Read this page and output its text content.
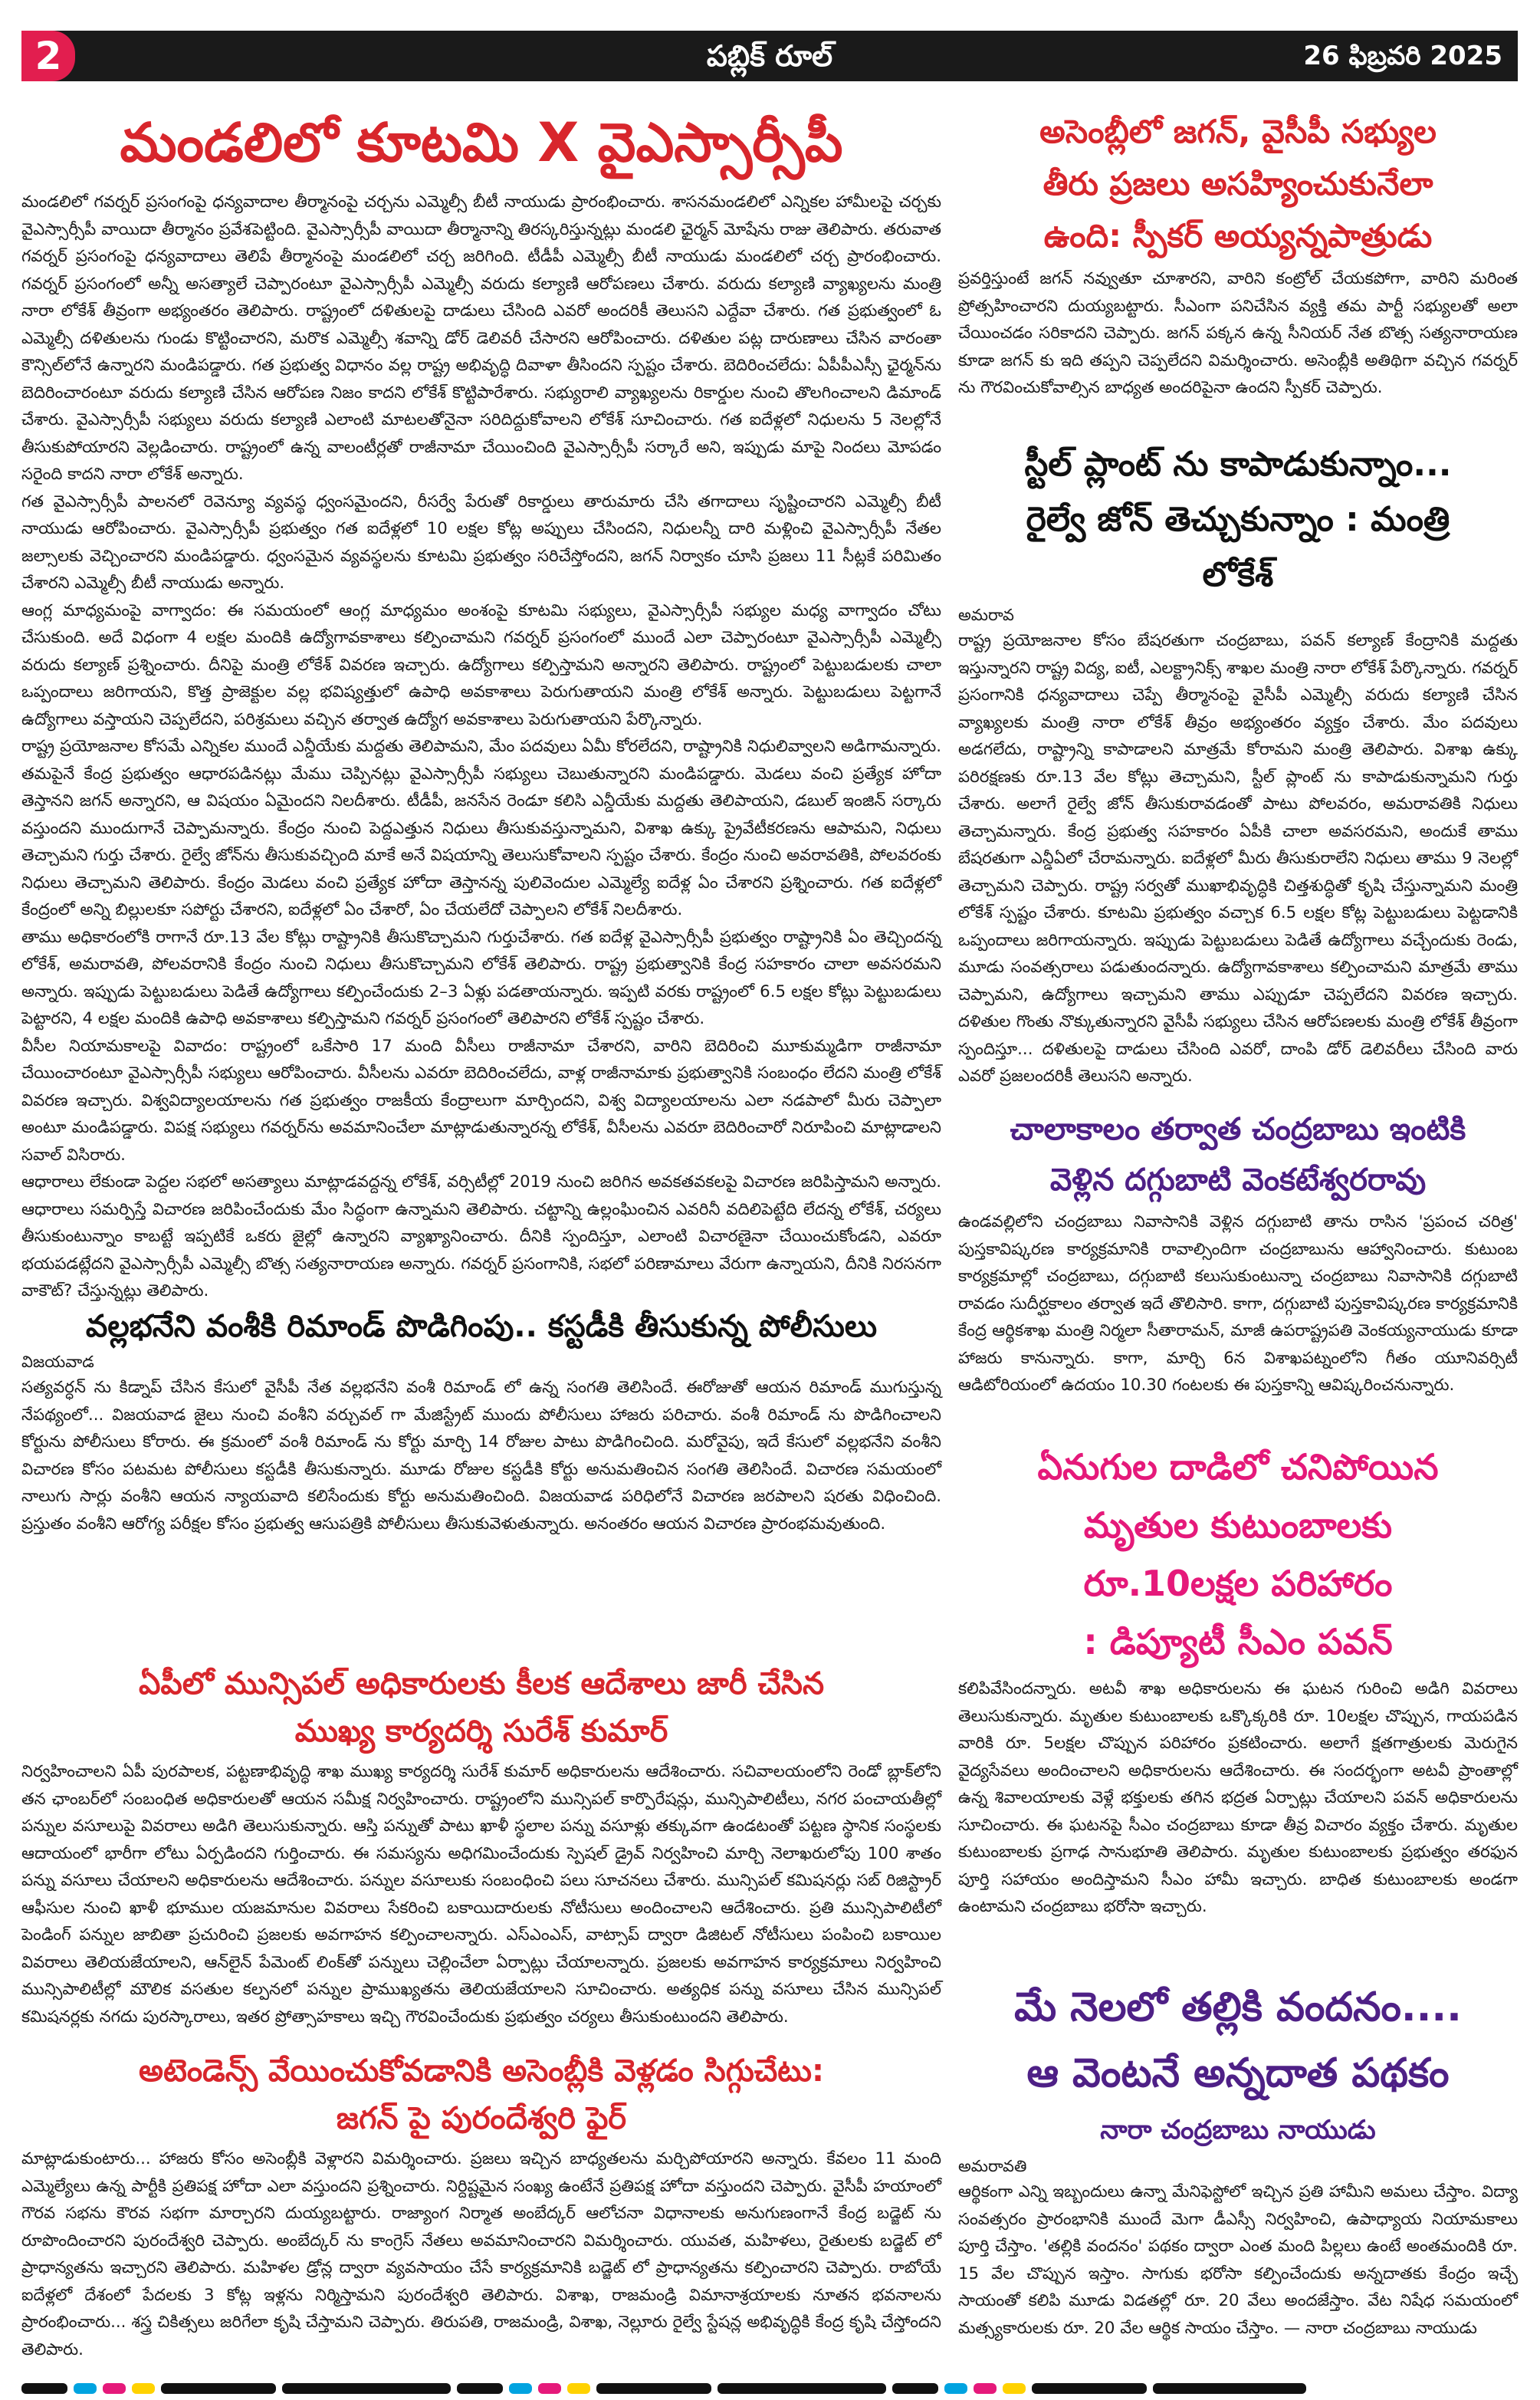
పబ్లిక్ రూల్
2	26 ఫిబ్రవరి 2025
మండలిలో కూటమి X వైఎస్సార్సీపీ

మండలిలో గవర్నర్ ప్రసంగంపై ధన్యవాదాల తీర్మానంపై చర్చను ఎమ్మెల్సీ బీటీ నాయుడు ప్రారంభించారు. శాసనమండలిలో ఎన్నికల హామీలపై చర్చకు వైఎస్సార్సీపీ వాయిదా తీర్మానం ప్రవేశపెట్టింది. వైఎస్సార్సీపీ వాయిదా తీర్మానాన్ని తిరస్కరిస్తున్నట్లు మండలి ఛైర్మన్ మోషేను రాజు తెలిపారు. తరువాత గవర్నర్ ప్రసంగంపై ధన్యవాదాలు తెలిపే తీర్మానంపై మండలిలో చర్చ జరిగింది. టీడీపీ ఎమ్మెల్సీ బీటీ నాయుడు మండలిలో చర్చ ప్రారంభించారు. గవర్నర్ ప్రసంగంలో అన్నీ అసత్యాలే చెప్పారంటూ వైఎస్సార్సీపీ ఎమ్మెల్సీ వరుదు కల్యాణి ఆరోపణలు చేశారు. వరుదు కల్యాణి వ్యాఖ్యలను మంత్రి నారా లోకేశ్ తీవ్రంగా అభ్యంతరం తెలిపారు. రాష్ట్రంలో దళితులపై దాడులు చేసింది ఎవరో అందరికీ తెలుసని ఎద్దేవా చేశారు. గత ప్రభుత్వంలో ఓ ఎమ్మెల్సీ దళితులను గుండు కొట్టించారని, మరొక ఎమ్మెల్సీ శవాన్ని డోర్ డెలివరీ చేసారని ఆరోపించారు. దళితుల పట్ల దారుణాలు చేసిన వారంతా కౌన్సిల్‌లోనే ఉన్నారని మండిపడ్డారు. గత ప్రభుత్వ విధానం వల్ల రాష్ట్ర అభివృద్ధి దివాళా తీసిందని స్పష్టం చేశారు. బెదిరించలేదు: ఏపీపీఎస్సీ ఛైర్మన్‌ను బెదిరించారంటూ వరుదు కల్యాణి చేసిన ఆరోపణ నిజం కాదని లోకేశ్ కొట్టిపారేశారు. సభ్యురాలి వ్యాఖ్యలను రికార్డుల నుంచి తొలగించాలని డిమాండ్ చేశారు. వైఎస్సార్సీపీ సభ్యులు వరుదు కల్యాణి ఎలాంటి మాటలతోనైనా సరిదిద్దుకోవాలని లోకేశ్ సూచించారు. గత ఐదేళ్లలో నిధులను 5 నెలల్లోనే తీసుకుపోయారని వెల్లడించారు. రాష్ట్రంలో ఉన్న వాలంటీర్లతో రాజీనామా చేయించింది వైఎస్సార్సీపీ సర్కారే అని, ఇప్పుడు మాపై నిందలు మోపడం సరైంది కాదని నారా లోకేశ్ అన్నారు.

గత వైఎస్సార్సీపీ పాలనలో రెవెన్యూ వ్యవస్థ ధ్వంసమైందని, రీసర్వే పేరుతో రికార్డులు తారుమారు చేసి తగాదాలు సృష్టించారని ఎమ్మెల్సీ బీటీ నాయుడు ఆరోపించారు. వైఎస్సార్సీపీ ప్రభుత్వం గత ఐదేళ్లలో 10 లక్షల కోట్ల అప్పులు చేసిందని, నిధులన్నీ దారి మళ్లించి వైఎస్సార్సీపీ నేతల జల్సాలకు వెచ్చించారని మండిపడ్డారు. ధ్వంసమైన వ్యవస్థలను కూటమి ప్రభుత్వం సరిచేస్తోందని, జగన్ నిర్వాకం చూసి ప్రజలు 11 సీట్లకే పరిమితం చేశారని ఎమ్మెల్సీ బీటీ నాయుడు అన్నారు.

ఆంగ్ల మాధ్యమంపై వాగ్వాదం: ఈ సమయంలో ఆంగ్ల మాధ్యమం అంశంపై కూటమి సభ్యులు, వైఎస్సార్సీపీ సభ్యుల మధ్య వాగ్వాదం చోటు చేసుకుంది. అదే విధంగా 4 లక్షల మందికి ఉద్యోగావకాశాలు కల్పించామని గవర్నర్ ప్రసంగంలో ముందే ఎలా చెప్పారంటూ వైఎస్సార్సీపీ ఎమ్మెల్సీ వరుదు కల్యాణ్ ప్రశ్నించారు. దీనిపై మంత్రి లోకేశ్ వివరణ ఇచ్చారు. ఉద్యోగాలు కల్పిస్తామని అన్నారని తెలిపారు. రాష్ట్రంలో పెట్టుబడులకు చాలా ఒప్పందాలు జరిగాయని, కొత్త ప్రాజెక్టుల వల్ల భవిష్యత్తులో ఉపాధి అవకాశాలు పెరుగుతాయని మంత్రి లోకేశ్ అన్నారు. పెట్టుబడులు పెట్టగానే ఉద్యోగాలు వస్తాయని చెప్పలేదని, పరిశ్రమలు వచ్చిన తర్వాత ఉద్యోగ అవకాశాలు పెరుగుతాయని పేర్కొన్నారు.

రాష్ట్ర ప్రయోజనాల కోసమే ఎన్నికల ముందే ఎన్డీయేకు మద్దతు తెలిపామని, మేం పదవులు ఏమీ కోరలేదని, రాష్ట్రానికి నిధులివ్వాలని అడిగామన్నారు. తమపైనే కేంద్ర ప్రభుత్వం ఆధారపడినట్లు మేము చెప్పినట్లు వైఎస్సార్సీపీ సభ్యులు చెబుతున్నారని మండిపడ్డారు. మెడలు వంచి ప్రత్యేక హోదా తెస్తానని జగన్ అన్నారని, ఆ విషయం ఏమైందని నిలదీశారు. టీడీపీ, జనసేన రెండూ కలిసి ఎన్డీయేకు మద్దతు తెలిపాయని, డబుల్ ఇంజిన్ సర్కారు వస్తుందని ముందుగానే చెప్పామన్నారు. కేంద్రం నుంచి పెద్దఎత్తున నిధులు తీసుకువస్తున్నామని, విశాఖ ఉక్కు ప్రైవేటీకరణను ఆపామని, నిధులు తెచ్చామని గుర్తు చేశారు. రైల్వే జోన్‌ను తీసుకువచ్చింది మాకే అనే విషయాన్ని తెలుసుకోవాలని స్పష్టం చేశారు. కేంద్రం నుంచి అవరావతికి, పోలవరంకు నిధులు తెచ్చామని తెలిపారు. కేంద్రం మెడలు వంచి ప్రత్యేక హోదా తెస్తానన్న పులివెందుల ఎమ్మెల్యే ఐదేళ్ల ఏం చేశారని ప్రశ్నించారు. గత ఐదేళ్లలో కేంద్రంలో అన్ని బిల్లులకూ సపోర్టు చేశారని, ఐదేళ్లలో ఏం చేశారో, ఏం చేయలేదో చెప్పాలని లోకేశ్ నిలదీశారు.

తాము అధికారంలోకి రాగానే రూ.13 వేల కోట్లు రాష్ట్రానికి తీసుకొచ్చామని గుర్తుచేశారు. గత ఐదేళ్ల వైఎస్సార్సీపీ ప్రభుత్వం రాష్ట్రానికి ఏం తెచ్చిందన్న లోకేశ్, అమరావతి, పోలవరానికి కేంద్రం నుంచి నిధులు తీసుకొచ్చామని లోకేశ్ తెలిపారు. రాష్ట్ర ప్రభుత్వానికి కేంద్ర సహకారం చాలా అవసరమని అన్నారు. ఇప్పుడు పెట్టుబడులు పెడితే ఉద్యోగాలు కల్పించేందుకు 2–3 ఏళ్లు పడతాయన్నారు. ఇప్పటి వరకు రాష్ట్రంలో 6.5 లక్షల కోట్లు పెట్టుబడులు పెట్టారని, 4 లక్షల మందికి ఉపాధి అవకాశాలు కల్పిస్తామని గవర్నర్ ప్రసంగంలో తెలిపారని లోకేశ్ స్పష్టం చేశారు.

వీసీల నియామకాలపై వివాదం: రాష్ట్రంలో ఒకేసారి 17 మంది వీసీలు రాజీనామా చేశారని, వారిని బెదిరించి మూకుమ్మడిగా రాజీనామా చేయించారంటూ వైఎస్సార్సీపీ సభ్యులు ఆరోపించారు. వీసీలను ఎవరూ బెదిరించలేదు, వాళ్ల రాజీనామాకు ప్రభుత్వానికి సంబంధం లేదని మంత్రి లోకేశ్ వివరణ ఇచ్చారు. విశ్వవిద్యాలయాలను గత ప్రభుత్వం రాజకీయ కేంద్రాలుగా మార్చిందని, విశ్వ విద్యాలయాలను ఎలా నడపాలో మీరు చెప్పాలా అంటూ మండిపడ్డారు. విపక్ష సభ్యులు గవర్నర్‌ను అవమానించేలా మాట్లాడుతున్నారన్న లోకేశ్, వీసీలను ఎవరూ బెదిరించారో నిరూపించి మాట్లాడాలని సవాల్ విసిరారు.

ఆధారాలు లేకుండా పెద్దల సభలో అసత్యాలు మాట్లాడవద్దన్న లోకేశ్, వర్సిటీల్లో 2019 నుంచి జరిగిన అవకతవకలపై విచారణ జరిపిస్తామని అన్నారు. ఆధారాలు సమర్పిస్తే విచారణ జరిపించేందుకు మేం సిద్ధంగా ఉన్నామని తెలిపారు. చట్టాన్ని ఉల్లంఘించిన ఎవరినీ వదిలిపెట్టేది లేదన్న లోకేశ్, చర్యలు తీసుకుంటున్నాం కాబట్టే ఇప్పటికే ఒకరు జైల్లో ఉన్నారని వ్యాఖ్యానించారు. దీనికి స్పందిస్తూ, ఎలాంటి విచారణైనా చేయించుకోండని, ఎవరూ భయపడట్లేదని వైఎస్సార్సీపీ ఎమ్మెల్సీ బొత్స సత్యనారాయణ అన్నారు. గవర్నర్ ప్రసంగానికి, సభలో పరిణామాలు వేరుగా ఉన్నాయని, దీనికి నిరసనగా వాకౌట్? చేస్తున్నట్లు తెలిపారు.

వల్లభనేని వంశీకి రిమాండ్ పొడిగింపు.. కస్టడీకి తీసుకున్న పోలీసులు

విజయవాడ

సత్యవర్ధన్ ను కిడ్నాప్ చేసిన కేసులో వైసీపీ నేత వల్లభనేని వంశీ రిమాండ్ లో ఉన్న సంగతి తెలిసిందే. ఈరోజుతో ఆయన రిమాండ్ ముగుస్తున్న నేపథ్యంలో... విజయవాడ జైలు నుంచి వంశీని వర్చువల్ గా మేజిస్ట్రేట్ ముందు పోలీసులు హాజరు పరిచారు. వంశీ రిమాండ్ ను పొడిగించాలని కోర్టును పోలీసులు కోరారు. ఈ క్రమంలో వంశీ రిమాండ్ ను కోర్టు మార్చి 14 రోజుల పాటు పొడిగించింది. మరోవైపు, ఇదే కేసులో వల్లభనేని వంశీని విచారణ కోసం పటమట పోలీసులు కస్టడీకి తీసుకున్నారు. మూడు రోజుల కస్టడీకి కోర్టు అనుమతించిన సంగతి తెలిసిందే. విచారణ సమయంలో నాలుగు సార్లు వంశీని ఆయన న్యాయవాది కలిసేందుకు కోర్టు అనుమతించింది. విజయవాడ పరిధిలోనే విచారణ జరపాలని షరతు విధించింది. ప్రస్తుతం వంశీని ఆరోగ్య పరీక్షల కోసం ప్రభుత్వ ఆసుపత్రికి పోలీసులు తీసుకువెళుతున్నారు. అనంతరం ఆయన విచారణ ప్రారంభమవుతుంది.

ఏపీలో మున్సిపల్ అధికారులకు కీలక ఆదేశాలు జారీ చేసిన
ముఖ్య కార్యదర్శి సురేశ్ కుమార్

నిర్వహించాలని ఏపీ పురపాలక, పట్టణాభివృద్ధి శాఖ ముఖ్య కార్యదర్శి సురేశ్ కుమార్ అధికారులను ఆదేశించారు. సచివాలయంలోని రెండో బ్లాక్‌లోని తన ఛాంబర్‌లో సంబంధిత అధికారులతో ఆయన సమీక్ష నిర్వహించారు. రాష్ట్రంలోని మున్సిపల్ కార్పొరేషన్లు, మున్సిపాలిటీలు, నగర పంచాయతీల్లో పన్నుల వసూలుపై వివరాలు అడిగి తెలుసుకున్నారు. ఆస్తి పన్నుతో పాటు ఖాళీ స్థలాల పన్ను వసూళ్లు తక్కువగా ఉండటంతో పట్టణ స్థానిక సంస్థలకు ఆదాయంలో భారీగా లోటు ఏర్పడిందని గుర్తించారు. ఈ సమస్యను అధిగమించేందుకు స్పెషల్ డ్రైవ్ నిర్వహించి మార్చి నెలాఖరులోపు 100 శాతం పన్ను వసూలు చేయాలని అధికారులను ఆదేశించారు. పన్నుల వసూలుకు సంబంధించి పలు సూచనలు చేశారు. మున్సిపల్ కమిషనర్లు సబ్ రిజిస్ట్రార్ ఆఫీసుల నుంచి ఖాళీ భూముల యజమానుల వివరాలు సేకరించి బకాయిదారులకు నోటీసులు అందించాలని ఆదేశించారు. ప్రతి మున్సిపాలిటీలో పెండింగ్ పన్నుల జాబితా ప్రచురించి ప్రజలకు అవగాహన కల్పించాలన్నారు. ఎస్ఎంఎస్, వాట్సాప్ ద్వారా డిజిటల్ నోటీసులు పంపించి బకాయిల వివరాలు తెలియజేయాలని, ఆన్‌లైన్ పేమెంట్ లింక్‌తో పన్నులు చెల్లించేలా ఏర్పాట్లు చేయాలన్నారు. ప్రజలకు అవగాహన కార్యక్రమాలు నిర్వహించి మున్సిపాలిటీల్లో మౌలిక వసతుల కల్పనలో పన్నుల ప్రాముఖ్యతను తెలియజేయాలని సూచించారు. అత్యధిక పన్ను వసూలు చేసిన మున్సిపల్ కమిషనర్లకు నగదు పురస్కారాలు, ఇతర ప్రోత్సాహకాలు ఇచ్చి గౌరవించేందుకు ప్రభుత్వం చర్యలు తీసుకుంటుందని తెలిపారు.

అటెండెన్స్ వేయించుకోవడానికి అసెంబ్లీకి వెళ్లడం సిగ్గుచేటు:
జగన్ పై పురందేశ్వరి ఫైర్

మాట్లాడుకుంటారు... హాజరు కోసం అసెంబ్లీకి వెళ్లారని విమర్శించారు. ప్రజలు ఇచ్చిన బాధ్యతలను మర్చిపోయారని అన్నారు. కేవలం 11 మంది ఎమ్మెల్యేలు ఉన్న పార్టీకి ప్రతిపక్ష హోదా ఎలా వస్తుందని ప్రశ్నించారు. నిర్దిష్టమైన సంఖ్య ఉంటేనే ప్రతిపక్ష హోదా వస్తుందని చెప్పారు. వైసీపీ హయాంలో గౌరవ సభను కౌరవ సభగా మార్చారని దుయ్యబట్టారు. రాజ్యాంగ నిర్మాత అంబేద్కర్ ఆలోచనా విధానాలకు అనుగుణంగానే కేంద్ర బడ్జెట్ ను రూపొందించారని పురందేశ్వరి చెప్పారు. అంబేద్కర్ ను కాంగ్రెస్ నేతలు అవమానించారని విమర్శించారు. యువత, మహిళలు, రైతులకు బడ్జెట్ లో ప్రాధాన్యతను ఇచ్చారని తెలిపారు. మహిళల డ్రోన్ల ద్వారా వ్యవసాయం చేసే కార్యక్రమానికి బడ్జెట్ లో ప్రాధాన్యతను కల్పించారని చెప్పారు. రాబోయే ఐదేళ్లలో దేశంలో పేదలకు 3 కోట్ల ఇళ్లను నిర్మిస్తామని పురందేశ్వరి తెలిపారు. విశాఖ, రాజమండ్రి విమానాశ్రయాలకు నూతన భవనాలను ప్రారంభించారు... శస్త్ర చికిత్సలు జరిగేలా కృషి చేస్తామని చెప్పారు. తిరుపతి, రాజమండ్రి, విశాఖ, నెల్లూరు రైల్వే స్టేషన్ల అభివృద్ధికి కేంద్ర కృషి చేస్తోందని తెలిపారు.

అసెంబ్లీలో జగన్, వైసీపీ సభ్యుల
తీరు ప్రజలు అసహ్యించుకునేలా
ఉంది: స్పీకర్ అయ్యన్నపాత్రుడు

ప్రవర్తిస్తుంటే జగన్ నవ్వుతూ చూశారని, వారిని కంట్రోల్ చేయకపోగా, వారిని మరింత ప్రోత్సహించారని దుయ్యబట్టారు. సీఎంగా పనిచేసిన వ్యక్తి తమ పార్టీ సభ్యులతో అలా చేయించడం సరికాదని చెప్పారు. జగన్ పక్కన ఉన్న సీనియర్ నేత బొత్స సత్యనారాయణ కూడా జగన్ కు ఇది తప్పని చెప్పలేదని విమర్శించారు. అసెంబ్లీకి అతిథిగా వచ్చిన గవర్నర్ ను గౌరవించుకోవాల్సిన బాధ్యత అందరిపైనా ఉందని స్పీకర్ చెప్పారు.

స్టీల్ ప్లాంట్ ను కాపాడుకున్నాం...
రైల్వే జోన్ తెచ్చుకున్నాం : మంత్రి
లోకేశ్

అమరావ

రాష్ట్ర ప్రయోజనాల కోసం బేషరతుగా చంద్రబాబు, పవన్ కల్యాణ్ కేంద్రానికి మద్దతు ఇస్తున్నారని రాష్ట్ర విద్య, ఐటీ, ఎలక్ట్రానిక్స్ శాఖల మంత్రి నారా లోకేశ్ పేర్కొన్నారు. గవర్నర్ ప్రసంగానికి ధన్యవాదాలు చెప్పే తీర్మానంపై వైసీపీ ఎమ్మెల్సీ వరుదు కల్యాణి చేసిన వ్యాఖ్యలకు మంత్రి నారా లోకేశ్ తీవ్రం అభ్యంతరం వ్యక్తం చేశారు. మేం పదవులు అడగలేదు, రాష్ట్రాన్ని కాపాడాలని మాత్రమే కోరామని మంత్రి తెలిపారు. విశాఖ ఉక్కు పరిరక్షణకు రూ.13 వేల కోట్లు తెచ్చామని, స్టీల్ ప్లాంట్ ను కాపాడుకున్నామని గుర్తు చేశారు. అలాగే రైల్వే జోన్ తీసుకురావడంతో పాటు పోలవరం, అమరావతికి నిధులు తెచ్చామన్నారు. కేంద్ర ప్రభుత్వ సహకారం ఏపీకి చాలా అవసరమని, అందుకే తాము బేషరతుగా ఎన్డీఏలో చేరామన్నారు. ఐదేళ్లలో మీరు తీసుకురాలేని నిధులు తాము 9 నెలల్లో తెచ్చామని చెప్పారు. రాష్ట్ర సర్వతో ముఖాభివృద్ధికి చిత్తశుద్ధితో కృషి చేస్తున్నామని మంత్రి లోకేశ్ స్పష్టం చేశారు. కూటమి ప్రభుత్వం వచ్చాక 6.5 లక్షల కోట్ల పెట్టుబడులు పెట్టడానికి ఒప్పందాలు జరిగాయన్నారు. ఇప్పుడు పెట్టుబడులు పెడితే ఉద్యోగాలు వచ్చేందుకు రెండు, మూడు సంవత్సరాలు పడుతుందన్నారు. ఉద్యోగావకాశాలు కల్పించామని మాత్రమే తాము చెప్పామని, ఉద్యోగాలు ఇచ్చామని తాము ఎప్పుడూ చెప్పలేదని వివరణ ఇచ్చారు. దళితుల గొంతు నొక్కుతున్నారని వైసీపీ సభ్యులు చేసిన ఆరోపణలకు మంత్రి లోకేశ్ తీవ్రంగా స్పందిస్తూ... దళితులపై దాడులు చేసింది ఎవరో, దాంపి డోర్ డెలివరీలు చేసింది వారు ఎవరో ప్రజలందరికీ తెలుసని అన్నారు.

చాలాకాలం తర్వాత చంద్రబాబు ఇంటికి
వెళ్లిన దగ్గుబాటి వెంకటేశ్వరరావు

ఉండవల్లిలోని చంద్రబాబు నివాసానికి వెళ్లిన దగ్గుబాటి తాను రాసిన 'ప్రపంచ చరిత్ర' పుస్తకావిష్కరణ కార్యక్రమానికి రావాల్సిందిగా చంద్రబాబును ఆహ్వానించారు. కుటుంబ కార్యక్రమాల్లో చంద్రబాబు, దగ్గుబాటి కలుసుకుంటున్నా చంద్రబాబు నివాసానికి దగ్గుబాటి రావడం సుదీర్ఘకాలం తర్వాత ఇదే తొలిసారి. కాగా, దగ్గుబాటి పుస్తకావిష్కరణ కార్యక్రమానికి కేంద్ర ఆర్థికశాఖ మంత్రి నిర్మలా సీతారామన్, మాజీ ఉపరాష్ట్రపతి వెంకయ్యనాయుడు కూడా హాజరు కానున్నారు. కాగా, మార్చి 6న విశాఖపట్నంలోని గీతం యూనివర్సిటీ ఆడిటోరియంలో ఉదయం 10.30 గంటలకు ఈ పుస్తకాన్ని ఆవిష్కరించనున్నారు.

ఏనుగుల దాడిలో చనిపోయిన
మృతుల కుటుంబాలకు
రూ.10లక్షల పరిహారం
: డిప్యూటీ సీఎం పవన్

కలిపివేసిందన్నారు. అటవీ శాఖ అధికారులను ఈ ఘటన గురించి అడిగి వివరాలు తెలుసుకున్నారు. మృతుల కుటుంబాలకు ఒక్కొక్కరికి రూ. 10లక్షల చొప్పున, గాయపడిన వారికి రూ. 5లక్షల చొప్పున పరిహారం ప్రకటించారు. అలాగే క్షతగాత్రులకు మెరుగైన వైద్యసేవలు అందించాలని అధికారులను ఆదేశించారు. ఈ సందర్భంగా అటవీ ప్రాంతాల్లో ఉన్న శివాలయాలకు వెళ్లే భక్తులకు తగిన భద్రత ఏర్పాట్లు చేయాలని పవన్ అధికారులను సూచించారు. ఈ ఘటనపై సీఎం చంద్రబాబు కూడా తీవ్ర విచారం వ్యక్తం చేశారు. మృతుల కుటుంబాలకు ప్రగాఢ సానుభూతి తెలిపారు. మృతుల కుటుంబాలకు ప్రభుత్వం తరఫున పూర్తి సహాయం అందిస్తామని సీఎం హామీ ఇచ్చారు. బాధిత కుటుంబాలకు అండగా ఉంటామని చంద్రబాబు భరోసా ఇచ్చారు.

మే నెలలో తల్లికి వందనం....
ఆ వెంటనే అన్నదాత పథకం
నారా చంద్రబాబు నాయుడు

అమరావతి

ఆర్థికంగా ఎన్ని ఇబ్బందులు ఉన్నా మేనిఫెస్టోలో ఇచ్చిన ప్రతి హామీని అమలు చేస్తాం. విద్యా సంవత్సరం ప్రారంభానికి ముందే మెగా డీఎస్సీ నిర్వహించి, ఉపాధ్యాయ నియామకాలు పూర్తి చేస్తాం. 'తల్లికి వందనం' పథకం ద్వారా ఎంత మంది పిల్లలు ఉంటే అంతమందికి రూ. 15 వేల చొప్పున ఇస్తాం. సాగుకు భరోసా కల్పించేందుకు అన్నదాతకు కేంద్రం ఇచ్చే సాయంతో కలిపి మూడు విడతల్లో రూ. 20 వేలు అందజేస్తాం. వేట నిషేధ సమయంలో మత్స్యకారులకు రూ. 20 వేల ఆర్థిక సాయం చేస్తాం. — నారా చంద్రబాబు నాయుడు
